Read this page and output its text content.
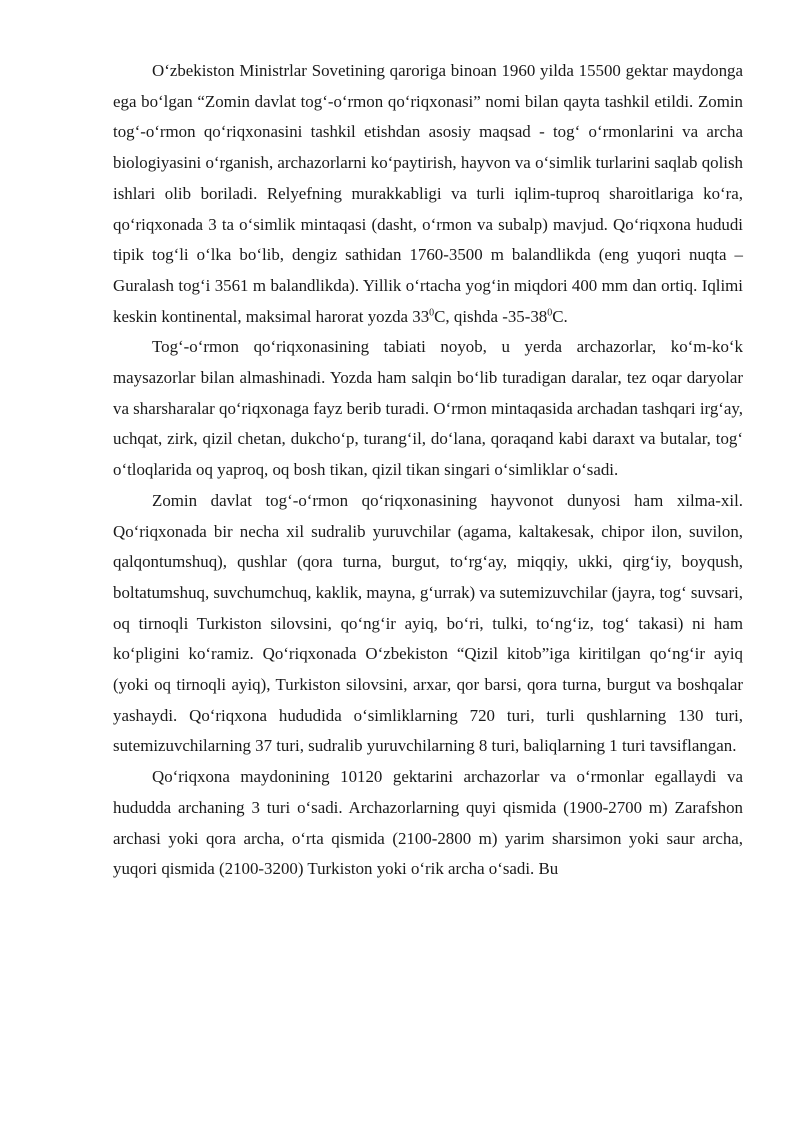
O‘zbekiston Ministrlar Sovetining qaroriga binoan 1960 yilda 15500 gektar maydonga ega bo‘lgan “Zomin davlat tog‘-o‘rmon qo‘riqxonasi” nomi bilan qayta tashkil etildi. Zomin tog‘-o‘rmon qo‘riqxonasini tashkil etishdan asosiy maqsad - tog‘ o‘rmonlarini va archa biologiyasini o‘rganish, archazorlarni ko‘paytirish, hayvon va o‘simlik turlarini saqlab qolish ishlari olib boriladi. Relyefning murakkabligi va turli iqlim-tuproq sharoitlariga ko‘ra, qo‘riqxonada 3 ta o‘simlik mintaqasi (dasht, o‘rmon va subalp) mavjud. Qo‘riqxona hududi tipik tog‘li o‘lka bo‘lib, dengiz sathidan 1760-3500 m balandlikda (eng yuqori nuqta – Guralash tog‘i 3561 m balandlikda). Yillik o‘rtacha yog‘in miqdori 400 mm dan ortiq. Iqlimi keskin kontinental, maksimal harorat yozda $33^0C$, qishda $-35-38^0C$.

Tog‘-o‘rmon qo‘riqxonasining tabiati noyob, u yerda archazorlar, ko‘m-ko‘k maysazorlar bilan almashinadi. Yozda ham salqin bo‘lib turadigan daralar, tez oqar daryolar va sharsharalar qo‘riqxonaga fayz berib turadi. O‘rmon mintaqasida archadan tashqari irg‘ay, uchqat, zirk, qizil chetan, dukcho‘p, turang‘il, do‘lana, qoraqand kabi daraxt va butalar, tog‘ o‘tloqlarida oq yaproq, oq bosh tikan, qizil tikan singari o‘simliklar o‘sadi.

Zomin davlat tog‘-o‘rmon qo‘riqxonasining hayvonot dunyosi ham xilma-xil. Qo‘riqxonada bir necha xil sudralib yuruvchilar (agama, kaltakesak, chipor ilon, suvilon, qalqontumshuq), qushlar (qora turna, burgut, to‘rg‘ay, miqqiy, ukki, qirg‘iy, boyqush, boltatumshuq, suvchumchuq, kaklik, mayna, g‘urrak) va sutemizuvchilar (jayra, tog‘ suvsari, oq tirnoqli Turkiston silovsini, qo‘ng‘ir ayiq, bo‘ri, tulki, to‘ng‘iz, tog‘ takasi) ni ham ko‘pligini ko‘ramiz. Qo‘riqxonada O‘zbekiston “Qizil kitob”iga kiritilgan qo‘ng‘ir ayiq (yoki oq tirnoqli ayiq), Turkiston silovsini, arxar, qor barsi, qora turna, burgut va boshqalar yashaydi. Qo‘riqxona hududida o‘simliklarning 720 turi, turli qushlarning 130 turi, sutemizuvchilarning 37 turi, sudralib yuruvchilarning 8 turi, baliqlarning 1 turi tavsiflangan.

Qo‘riqxona maydonining 10120 gektarini archazorlar va o‘rmonlar egallaydi va hududda archaning 3 turi o‘sadi. Archazorlarning quyi qismida (1900-2700 m) Zarafshon archasi yoki qora archa, o‘rta qismida (2100-2800 m) yarim sharsimon yoki saur archa, yuqori qismida (2100-3200) Turkiston yoki o‘rik archa o‘sadi. Bu
